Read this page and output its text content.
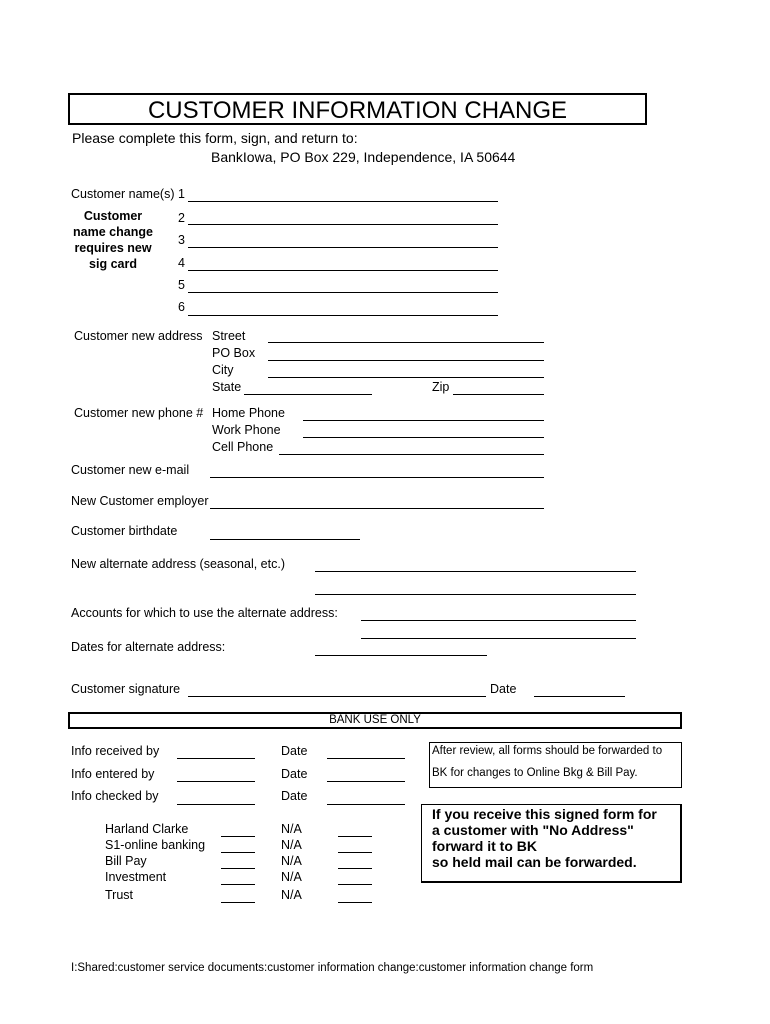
CUSTOMER INFORMATION CHANGE
Please complete this form, sign, and return to:
BankIowa, PO Box 229, Independence, IA 50644
Customer name(s)
Customer
name change
requires new
sig card
1
2
3
4
5
6
Customer new address Street
PO Box
City
State	Zip
Customer new phone # Home Phone
Work Phone
Cell Phone
Customer new e-mail
New Customer employer
Customer birthdate
New alternate address (seasonal, etc.)
Accounts for which to use the alternate address:
Dates for alternate address:
Customer signature	Date
BANK USE ONLY
Info received by
Info entered by
Info checked by
Date
Date
Date
After review, all forms should be forwarded to
BK for changes to Online Bkg & Bill Pay.
If you receive this signed form for
a customer with "No Address"
forward it to BK
so held mail can be forwarded.
Harland Clarke
S1-online banking
Bill Pay
Investment
Trust
N/A
N/A
N/A
N/A
N/A
I:Shared:customer service documents:customer information change:customer information change form
